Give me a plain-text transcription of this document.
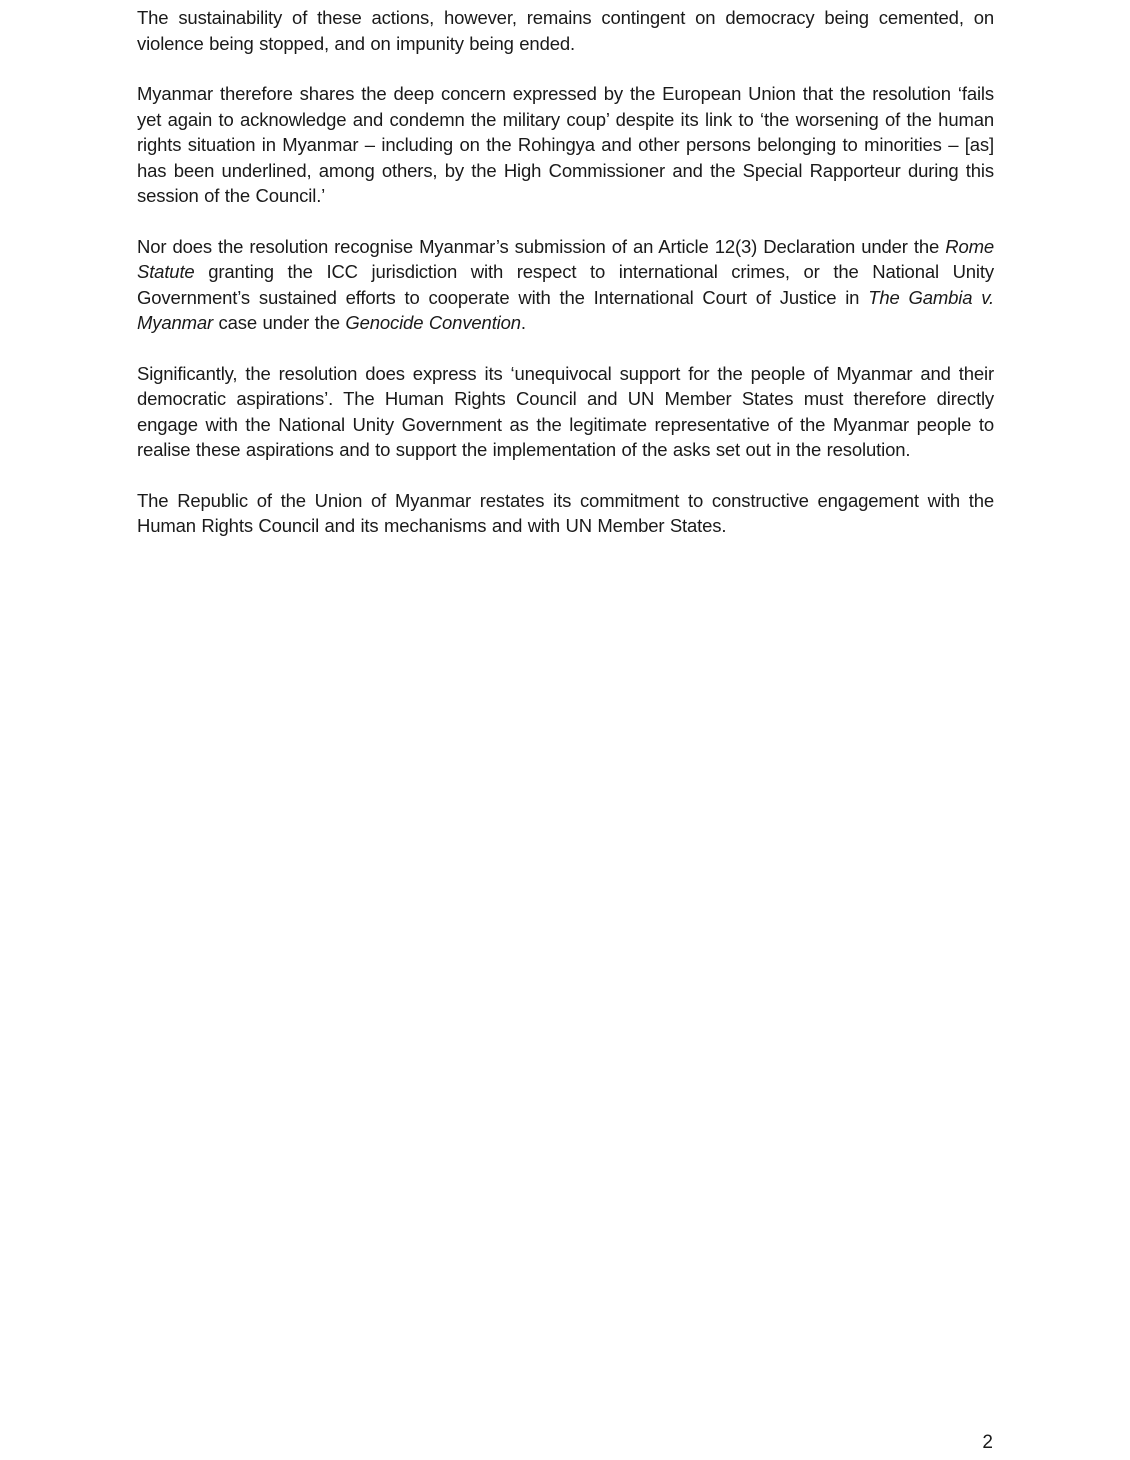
The sustainability of these actions, however, remains contingent on democracy being cemented, on violence being stopped, and on impunity being ended.

Myanmar therefore shares the deep concern expressed by the European Union that the resolution ‘fails yet again to acknowledge and condemn the military coup’ despite its link to ‘the worsening of the human rights situation in Myanmar – including on the Rohingya and other persons belonging to minorities – [as] has been underlined, among others, by the High Commissioner and the Special Rapporteur during this session of the Council.’

Nor does the resolution recognise Myanmar’s submission of an Article 12(3) Declaration under the Rome Statute granting the ICC jurisdiction with respect to international crimes, or the National Unity Government’s sustained efforts to cooperate with the International Court of Justice in The Gambia v. Myanmar case under the Genocide Convention.

Significantly, the resolution does express its ‘unequivocal support for the people of Myanmar and their democratic aspirations’. The Human Rights Council and UN Member States must therefore directly engage with the National Unity Government as the legitimate representative of the Myanmar people to realise these aspirations and to support the implementation of the asks set out in the resolution.

The Republic of the Union of Myanmar restates its commitment to constructive engagement with the Human Rights Council and its mechanisms and with UN Member States.

2
